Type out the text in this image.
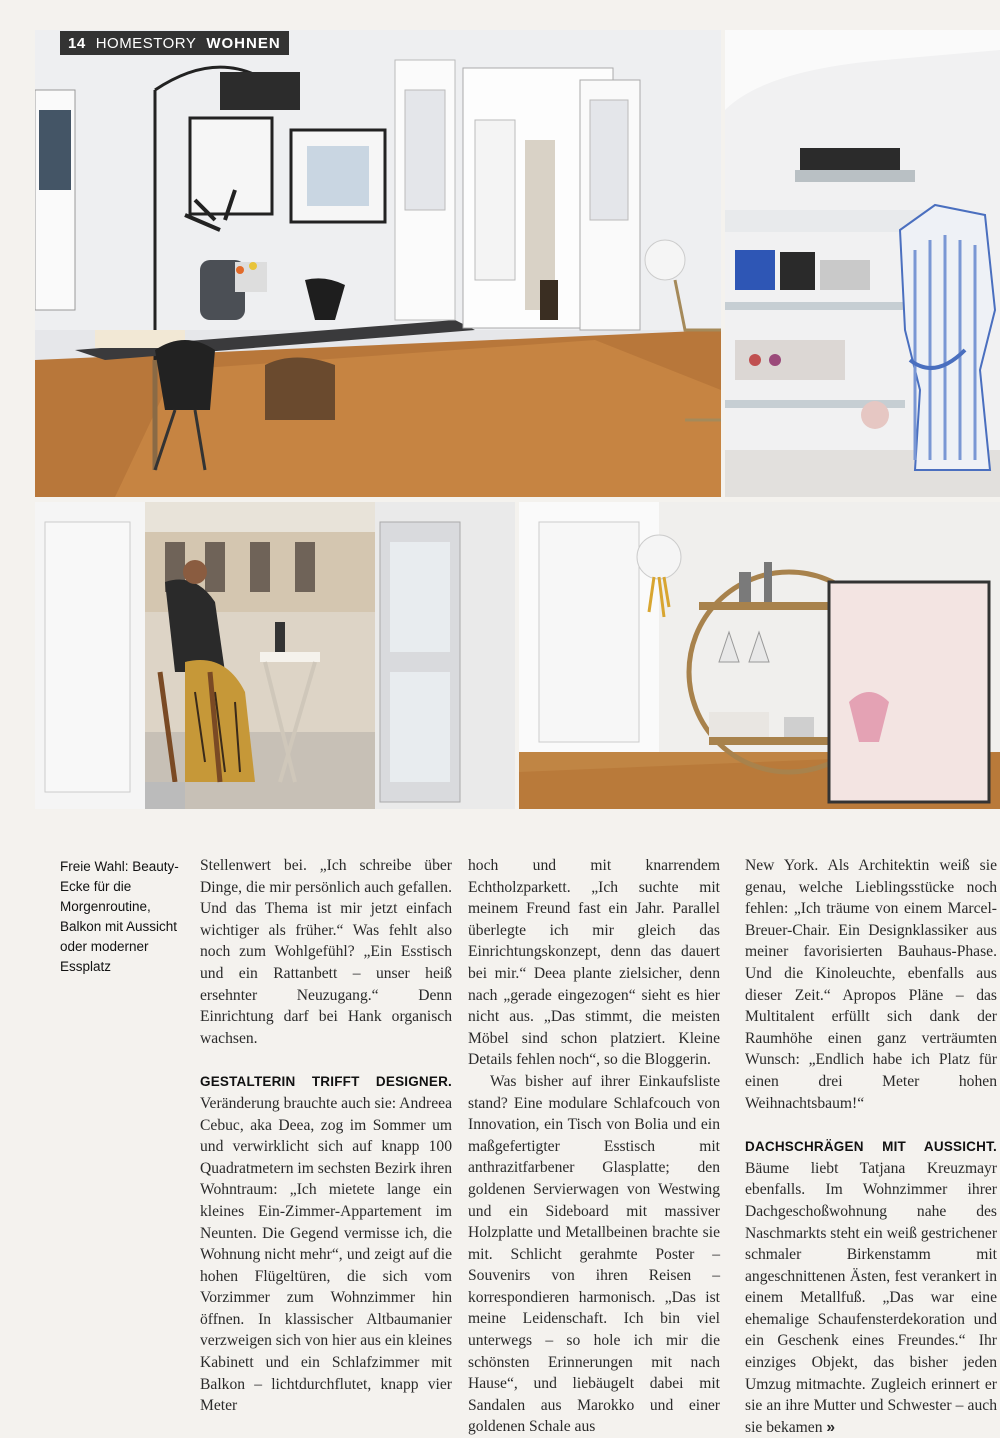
14 HOMESTORY WOHNEN
Freie Wahl: Beauty-Ecke für die Morgenroutine, Balkon mit Aussicht oder moderner Essplatz

Stellenwert bei. „Ich schreibe über Dinge, die mir persönlich auch gefallen. Und das Thema ist mir jetzt einfach wichtiger als früher.“ Was fehlt also noch zum Wohlgefühl? „Ein Esstisch und ein Rattanbett – unser heiß ersehnter Neuzugang.“ Denn Einrichtung darf bei Hank organisch wachsen.

GESTALTERIN TRIFFT DESIGNER. Veränderung brauchte auch sie: Andreea Cebuc, aka Deea, zog im Sommer um und verwirklicht sich auf knapp 100 Quadratmetern im sechsten Bezirk ihren Wohntraum: „Ich mietete lange ein kleines Ein-Zimmer-Appartement im Neunten. Die Gegend vermisse ich, die Wohnung nicht mehr“, und zeigt auf die hohen Flügeltüren, die sich vom Vorzimmer zum Wohnzimmer hin öffnen. In klassischer Altbaumanier verzweigen sich von hier aus ein kleines Kabinett und ein Schlafzimmer mit Balkon – lichtdurchflutet, knapp vier Meter

hoch und mit knarrendem Echtholzparkett. „Ich suchte mit meinem Freund fast ein Jahr. Parallel überlegte ich mir gleich das Einrichtungskonzept, denn das dauert bei mir.“ Deea plante zielsicher, denn nach „gerade eingezogen“ sieht es hier nicht aus. „Das stimmt, die meisten Möbel sind schon platziert. Kleine Details fehlen noch“, so die Bloggerin.

Was bisher auf ihrer Einkaufsliste stand? Eine modulare Schlafcouch von Innovation, ein Tisch von Bolia und ein maßgefertigter Esstisch mit anthrazitfarbener Glasplatte; den goldenen Servierwagen von Westwing und ein Sideboard mit massiver Holzplatte und Metallbeinen brachte sie mit. Schlicht gerahmte Poster – Souvenirs von ihren Reisen – korrespondieren harmonisch. „Das ist meine Leidenschaft. Ich bin viel unterwegs – so hole ich mir die schönsten Erinnerungen mit nach Hause“, und liebäugelt dabei mit Sandalen aus Marokko und einer goldenen Schale aus

New York. Als Architektin weiß sie genau, welche Lieblingsstücke noch fehlen: „Ich träume von einem Marcel-Breuer-Chair. Ein Designklassiker aus meiner favorisierten Bauhaus-Phase. Und die Kinoleuchte, ebenfalls aus dieser Zeit.“ Apropos Pläne – das Multitalent erfüllt sich dank der Raumhöhe einen ganz verträumten Wunsch: „Endlich habe ich Platz für einen drei Meter hohen Weihnachtsbaum!“

DACHSCHRÄGEN MIT AUSSICHT. Bäume liebt Tatjana Kreuzmayr ebenfalls. Im Wohnzimmer ihrer Dachgeschoßwohnung nahe des Naschmarkts steht ein weiß gestrichener schmaler Birkenstamm mit angeschnittenen Ästen, fest verankert in einem Metallfuß. „Das war eine ehemalige Schaufensterdekoration und ein Geschenk eines Freundes.“ Ihr einziges Objekt, das bisher jeden Umzug mitmachte. Zugleich erinnert er sie an ihre Mutter und Schwester – auch sie bekamen »
